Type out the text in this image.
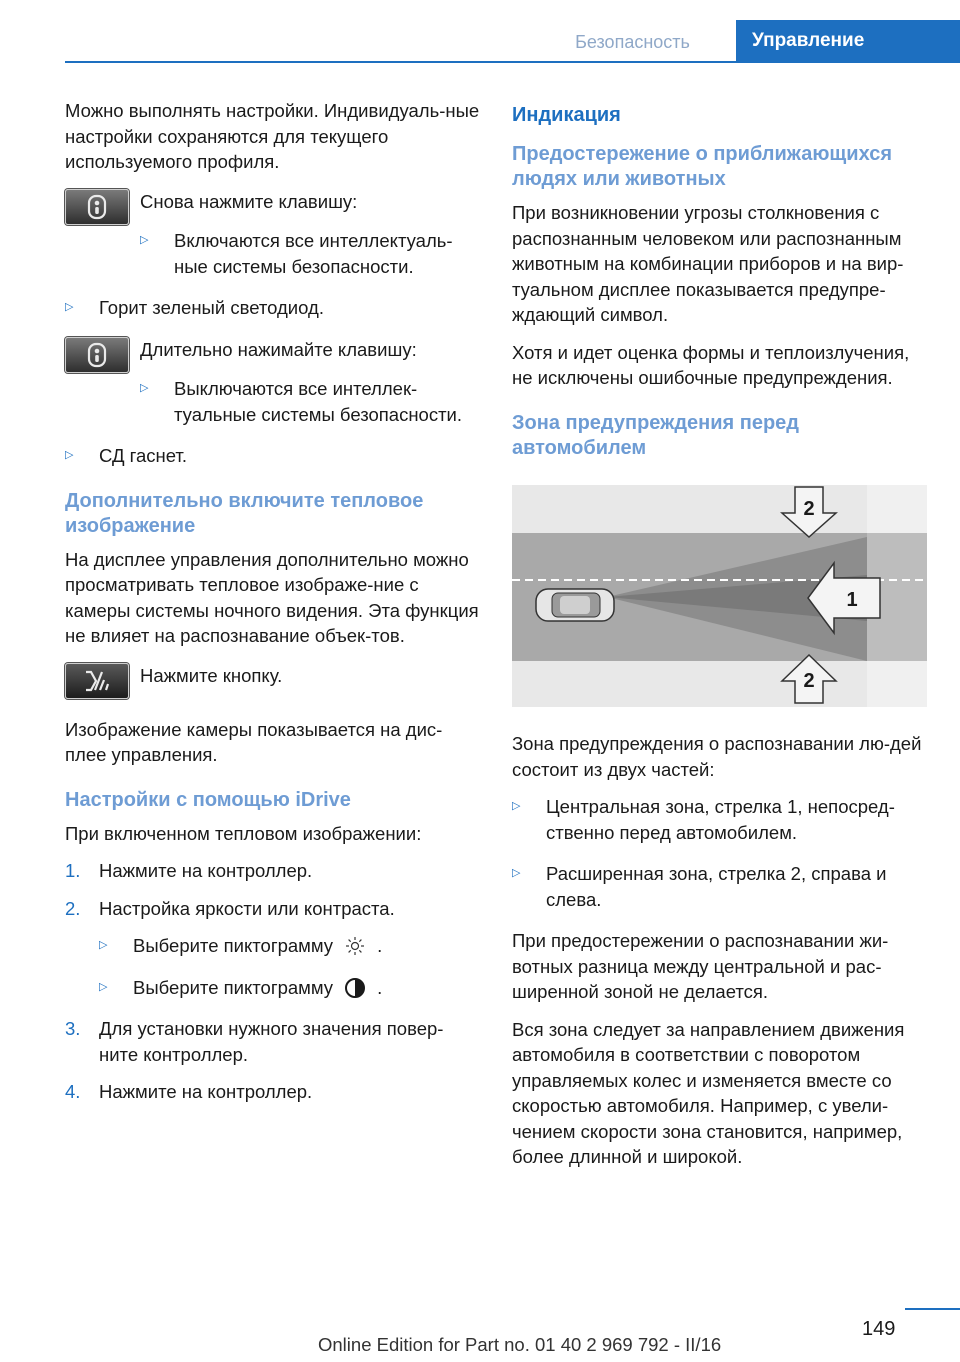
Безопасность	Управление

Можно выполнять настройки. Индивидуаль-ные настройки сохраняются для текущего используемого профиля.

Снова нажмите клавишу:
▷ Включаются все интеллектуаль-ные системы безопасности.
▷ Горит зеленый светодиод.
Длительно нажимайте клавишу:
▷ Выключаются все интеллек-туальные системы безопасности.
▷ СД гаснет.
Дополнительно включите тепловое изображение

На дисплее управления дополнительно можно просматривать тепловое изображе-ние с камеры системы ночного видения. Эта функция не влияет на распознавание объек-тов.

Нажмите кнопку.

Изображение камеры показывается на дис-плее управления.

Настройки с помощью iDrive

При включенном тепловом изображении:

1. Нажмите на контроллер.
2. Настройка яркости или контраста.
▷ Выберите пиктограмму .
▷ Выберите пиктограмму .
3. Для установки нужного значения повер-ните контроллер.
4. Нажмите на контроллер.
Индикация
Предостережение о приближающихся людях или животных

При возникновении угрозы столкновения с распознанным человеком или распознанным животным на комбинации приборов и на вир-туальном дисплее показывается предупре-ждающий символ.

Хотя и идет оценка формы и теплоизлучения, не исключены ошибочные предупреждения.

Зона предупреждения перед автомобилем
2
1
2

Зона предупреждения о распознавании лю-дей состоит из двух частей:

▷ Центральная зона, стрелка 1, непосред-ственно перед автомобилем.
▷ Расширенная зона, стрелка 2, справа и слева.

При предостережении о распознавании жи-вотных разница между центральной и рас-ширенной зоной не делается.

Вся зона следует за направлением движения автомобиля в соответствии с поворотом управляемых колес и изменяется вместе со скоростью автомобиля. Например, с увели-чением скорости зона становится, например, более длинной и широкой.

149
Online Edition for Part no. 01 40 2 969 792 - II/16
